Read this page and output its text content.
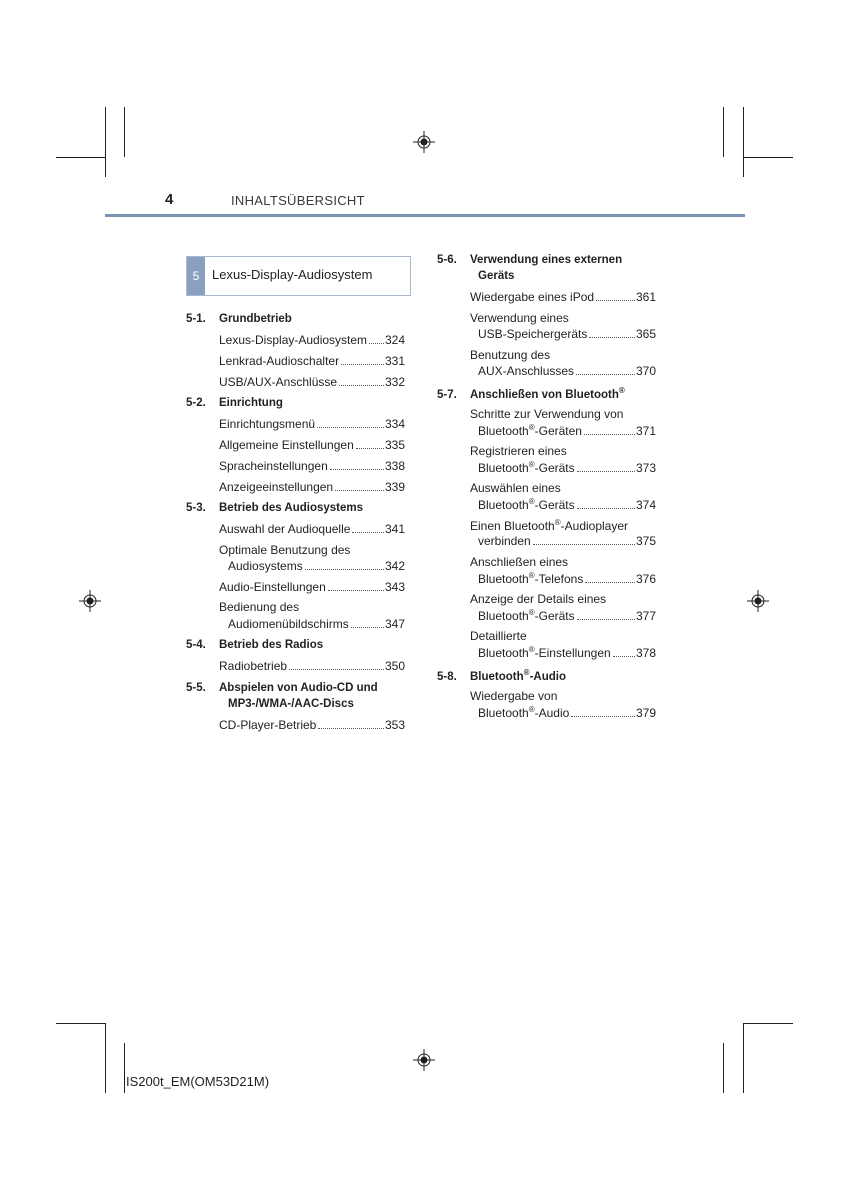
4	INHALTSÜBERSICHT
5 Lexus-Display-Audiosystem
5-1. Grundbetrieb
Lexus-Display-Audiosystem 324
Lenkrad-Audioschalter	331
USB/AUX-Anschlüsse	332
5-2. Einrichtung
Einrichtungsmenü	334
Allgemeine Einstellungen	335
Spracheinstellungen	338
Anzeigeeinstellungen	339
5-3. Betrieb des Audiosystems
Auswahl der Audioquelle	341
Optimale Benutzung des
Audiosystems	342
Audio-Einstellungen	343
Bedienung des
Audiomenübildschirms	347
5-4. Betrieb des Radios
Radiobetrieb	350
5-5. Abspielen von Audio-CD und
MP3-/WMA-/AAC-Discs
CD-Player-Betrieb	353
5-6. Verwendung eines externen
Geräts
Wiedergabe eines iPod	361
Verwendung eines
USB-Speichergeräts	365
Benutzung des
AUX-Anschlusses	370
5-7. Anschließen von Bluetooth®
Schritte zur Verwendung von
Bluetooth®-Geräten	371
Registrieren eines
Bluetooth®-Geräts	373
Auswählen eines
Bluetooth®-Geräts	374
Einen Bluetooth®-Audioplayer
verbinden	375
Anschließen eines
Bluetooth®-Telefons	376
Anzeige der Details eines
Bluetooth®-Geräts	377
Detaillierte
Bluetooth®-Einstellungen 378
5-8. Bluetooth®-Audio
Wiedergabe von
Bluetooth®-Audio	379
IS200t_EM(OM53D21M)
